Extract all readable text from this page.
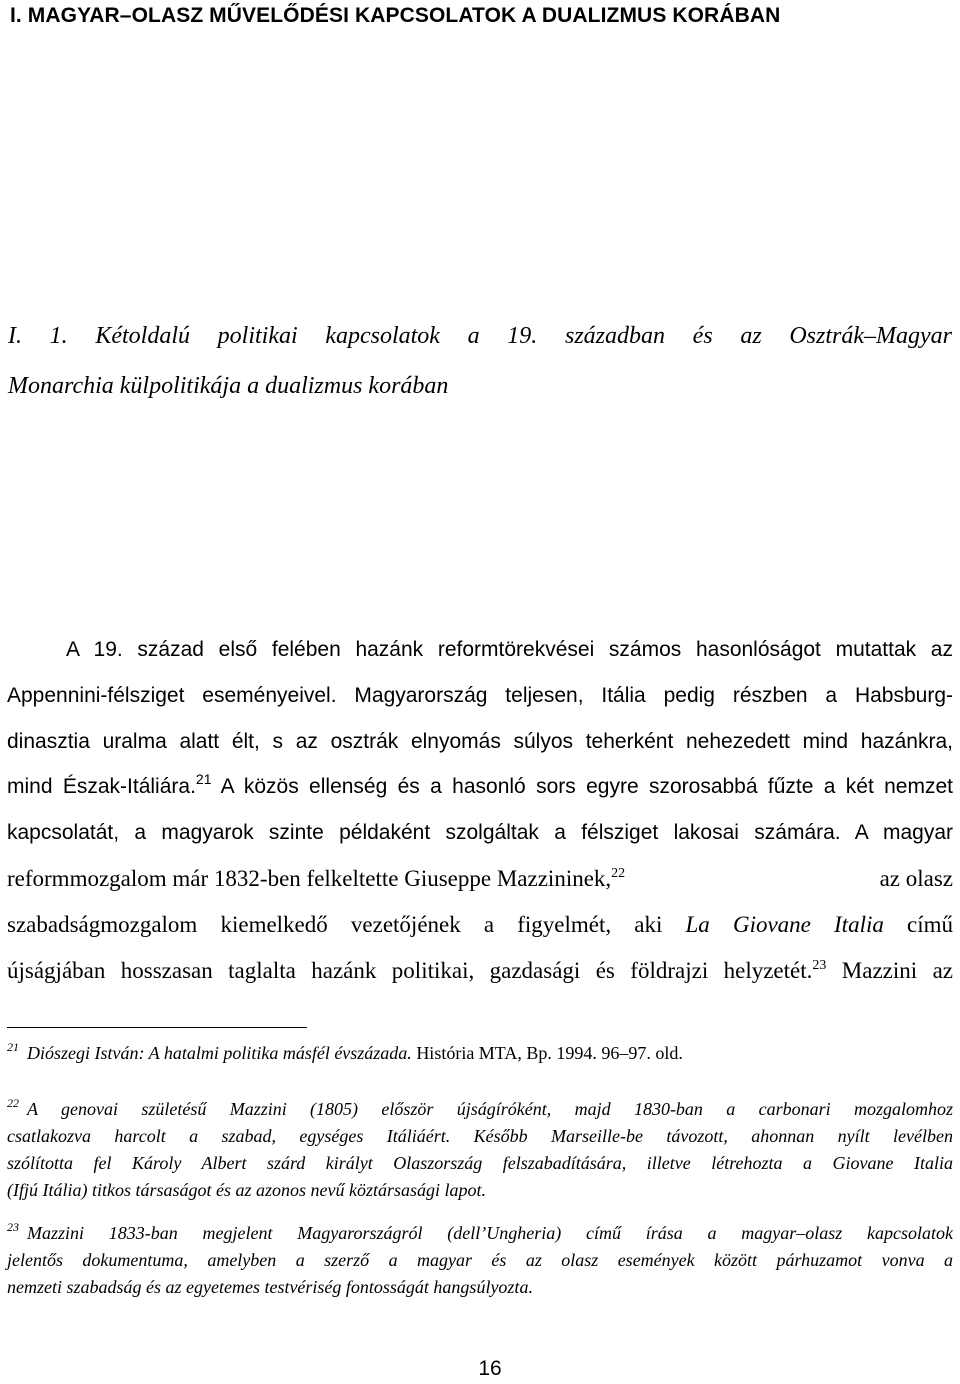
I. MAGYAR–OLASZ MŰVELŐDÉSI KAPCSOLATOK A DUALIZMUS KORÁBAN
I. 1. Kétoldalú politikai kapcsolatok a 19. században és az Osztrák–Magyar
Monarchia külpolitikája a dualizmus korában
A 19. század első felében hazánk reformtörekvései számos hasonlóságot mutattak az
Appennini-félsziget eseményeivel. Magyarország teljesen, Itália pedig részben a Habsburg-
dinasztia uralma alatt élt, s az osztrák elnyomás súlyos teherként nehezedett mind hazánkra,
mind Észak-Itáliára.$^{21}$ A közös ellenség és a hasonló sors egyre szorosabbá fűzte a két nemzet
kapcsolatát, a magyarok szinte példaként szolgáltak a félsziget lakosai számára. A magyar
reformmozgalom már 1832-ben felkeltette Giuseppe Mazzininek,$^{22}$	az olasz
szabadságmozgalom kiemelkedő vezetőjének a figyelmét, aki La Giovane Italia című
újságjában hosszasan taglalta hazánk politikai, gazdasági és földrajzi helyzetét.$^{23}$ Mazzini az
$^{21}$ Diószegi István: A hatalmi politika másfél évszázada. História MTA, Bp. 1994. 96–97. old.
$^{22}$ A genovai születésű Mazzini (1805) először újságíróként, majd 1830-ban a carbonari mozgalomhoz
csatlakozva harcolt a szabad, egységes Itáliáért. Később Marseille-be távozott, ahonnan nyílt levélben
szólította fel Károly Albert szárd királyt Olaszország felszabadítására, illetve létrehozta a Giovane Italia
(Ifjú Itália) titkos társaságot és az azonos nevű köztársasági lapot.
$^{23}$ Mazzini 1833-ban megjelent Magyarországról (dell’Ungheria) című írása a magyar–olasz kapcsolatok
jelentős dokumentuma, amelyben a szerző a magyar és az olasz események között párhuzamot vonva a
nemzeti szabadság és az egyetemes testvériség fontosságát hangsúlyozta.
16
